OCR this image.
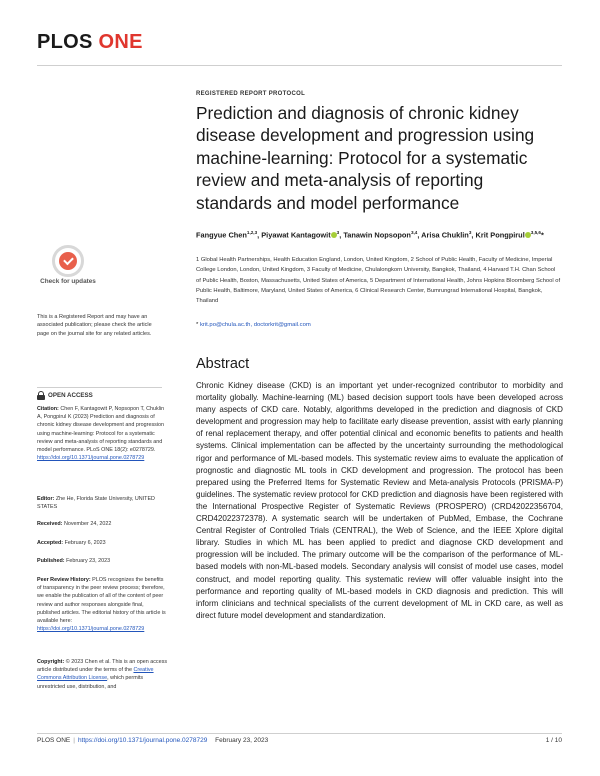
PLOS ONE
Check for updates
This is a Registered Report and may have an associated publication; please check the article page on the journal site for any related articles.
OPEN ACCESS
Citation: Chen F, Kantagowit P, Nopsopon T, Chuklin A, Pongpirul K (2023) Prediction and diagnosis of chronic kidney disease development and progression using machine-learning: Protocol for a systematic review and meta-analysis of reporting standards and model performance. PLoS ONE 18(2): e0278729. https://doi.org/10.1371/journal.pone.0278729
Editor: Zhe He, Florida State University, UNITED STATES
Received: November 24, 2022
Accepted: February 6, 2023
Published: February 23, 2023
Peer Review History: PLOS recognizes the benefits of transparency in the peer review process; therefore, we enable the publication of all of the content of peer review and author responses alongside final, published articles. The editorial history of this article is available here: https://doi.org/10.1371/journal.pone.0278729
Copyright: © 2023 Chen et al. This is an open access article distributed under the terms of the Creative Commons Attribution License, which permits unrestricted use, distribution, and
REGISTERED REPORT PROTOCOL
Prediction and diagnosis of chronic kidney disease development and progression using machine-learning: Protocol for a systematic review and meta-analysis of reporting standards and model performance
Fangyue Chen$^{1,2,3}$, Piyawat Kantagowit $^3$, Tanawin Nopsopon$^{3,4}$, Arisa Chuklin$^3$, Krit Pongpirul $^{3,5,6}$*
1 Global Health Partnerships, Health Education England, London, United Kingdom, 2 School of Public Health, Faculty of Medicine, Imperial College London, London, United Kingdom, 3 Faculty of Medicine, Chulalongkorn University, Bangkok, Thailand, 4 Harvard T.H. Chan School of Public Health, Boston, Massachusetts, United States of America, 5 Department of International Health, Johns Hopkins Bloomberg School of Public Health, Baltimore, Maryland, United States of America, 6 Clinical Research Center, Bumrungrad International Hospital, Bangkok, Thailand
* krit.po@chula.ac.th, doctorkrit@gmail.com
Abstract
Chronic Kidney disease (CKD) is an important yet under-recognized contributor to morbidity and mortality globally. Machine-learning (ML) based decision support tools have been developed across many aspects of CKD care. Notably, algorithms developed in the prediction and diagnosis of CKD development and progression may help to facilitate early disease prevention, assist with early planning of renal replacement therapy, and offer potential clinical and economic benefits to patients and health systems. Clinical implementation can be affected by the uncertainty surrounding the methodological rigor and performance of ML-based models. This systematic review aims to evaluate the application of prognostic and diagnostic ML tools in CKD development and progression. The protocol has been prepared using the Preferred Items for Systematic Review and Meta-analysis Protocols (PRISMA-P) guidelines. The systematic review protocol for CKD prediction and diagnosis have been registered with the International Prospective Register of Systematic Reviews (PROSPERO) (CRD42022356704, CRD42022372378). A systematic search will be undertaken of PubMed, Embase, the Cochrane Central Register of Controlled Trials (CENTRAL), the Web of Science, and the IEEE Xplore digital library. Studies in which ML has been applied to predict and diagnose CKD development and progression will be included. The primary outcome will be the comparison of the performance of ML-based models with non-ML-based models. Secondary analysis will consist of model use cases, model construct, and model reporting quality. This systematic review will offer valuable insight into the performance and reporting quality of ML-based models in CKD diagnosis and prediction. This will inform clinicians and technical specialists of the current development of ML in CKD care, as well as direct future model development and standardization.
PLOS ONE | https://doi.org/10.1371/journal.pone.0278729 February 23, 2023	1 / 10
